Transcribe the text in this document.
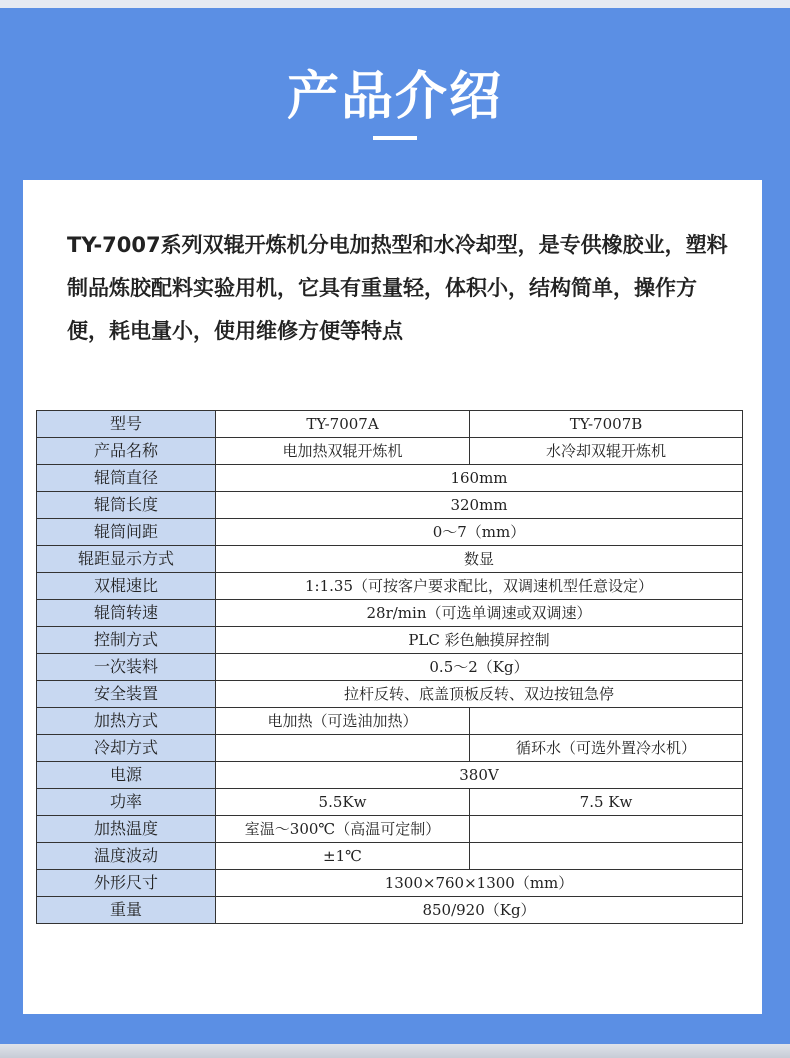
产品介绍

TY-7007系列双辊开炼机分电加热型和水冷却型，是专供橡胶业，塑料制品炼胶配料实验用机，它具有重量轻，体积小，结构简单，操作方便，耗电量小，使用维修方便等特点

型号	TY-7007A	TY-7007B
产品名称	电加热双辊开炼机	水冷却双辊开炼机
辊筒直径	160mm	
辊筒长度	320mm	
辊筒间距	0～7（mm）	
辊距显示方式	数显	
双棍速比	1:1.35（可按客户要求配比，双调速机型任意设定）	
辊筒转速	28r/min（可选单调速或双调速）	
控制方式	PLC 彩色触摸屏控制	
一次装料	0.5～2（Kg）	
安全装置	拉杆反转、底盖顶板反转、双边按钮急停	
加热方式	电加热（可选油加热）	
冷却方式		循环水（可选外置冷水机）
电源	380V	
功率	5.5Kw	7.5 Kw
加热温度	室温～300℃（高温可定制）	
温度波动	±1℃	
外形尺寸	1300×760×1300（mm）	
重量	850/920（Kg）	
